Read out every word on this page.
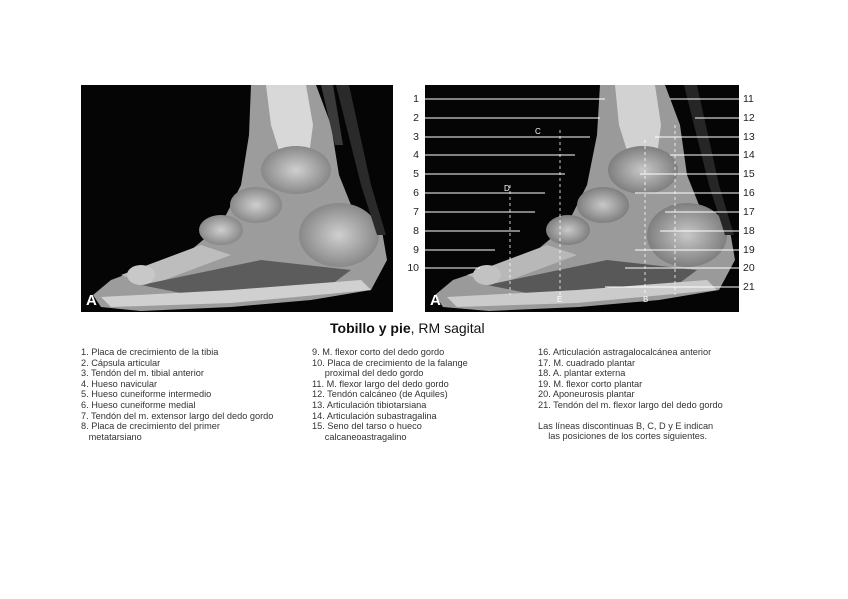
A	A
1
2
3
4
5
6
7
8
9
10
11
12
13
14
15
16
17
18
19
20
21
C
D
E	B
Tobillo y pie, RM sagital
1. Placa de crecimiento de la tibia
2. Cápsula articular
3. Tendón del m. tibial anterior
4. Hueso navicular
5. Hueso cuneiforme intermedio
6. Hueso cuneiforme medial
7. Tendón del m. extensor largo del dedo gordo
8. Placa de crecimiento del primer
metatarsiano
9. M. flexor corto del dedo gordo
10. Placa de crecimiento de la falange
proximal del dedo gordo
11. M. flexor largo del dedo gordo
12. Tendón calcáneo (de Aquiles)
13. Articulación tibiotarsiana
14. Articulación subastragalina
15. Seno del tarso o hueco
calcaneoastragalino
16. Articulación astragalocalcánea anterior
17. M. cuadrado plantar
18. A. plantar externa
19. M. flexor corto plantar
20. Aponeurosis plantar
21. Tendón del m. flexor largo del dedo gordo
Las líneas discontinuas B, C, D y E indican
las posiciones de los cortes siguientes.
